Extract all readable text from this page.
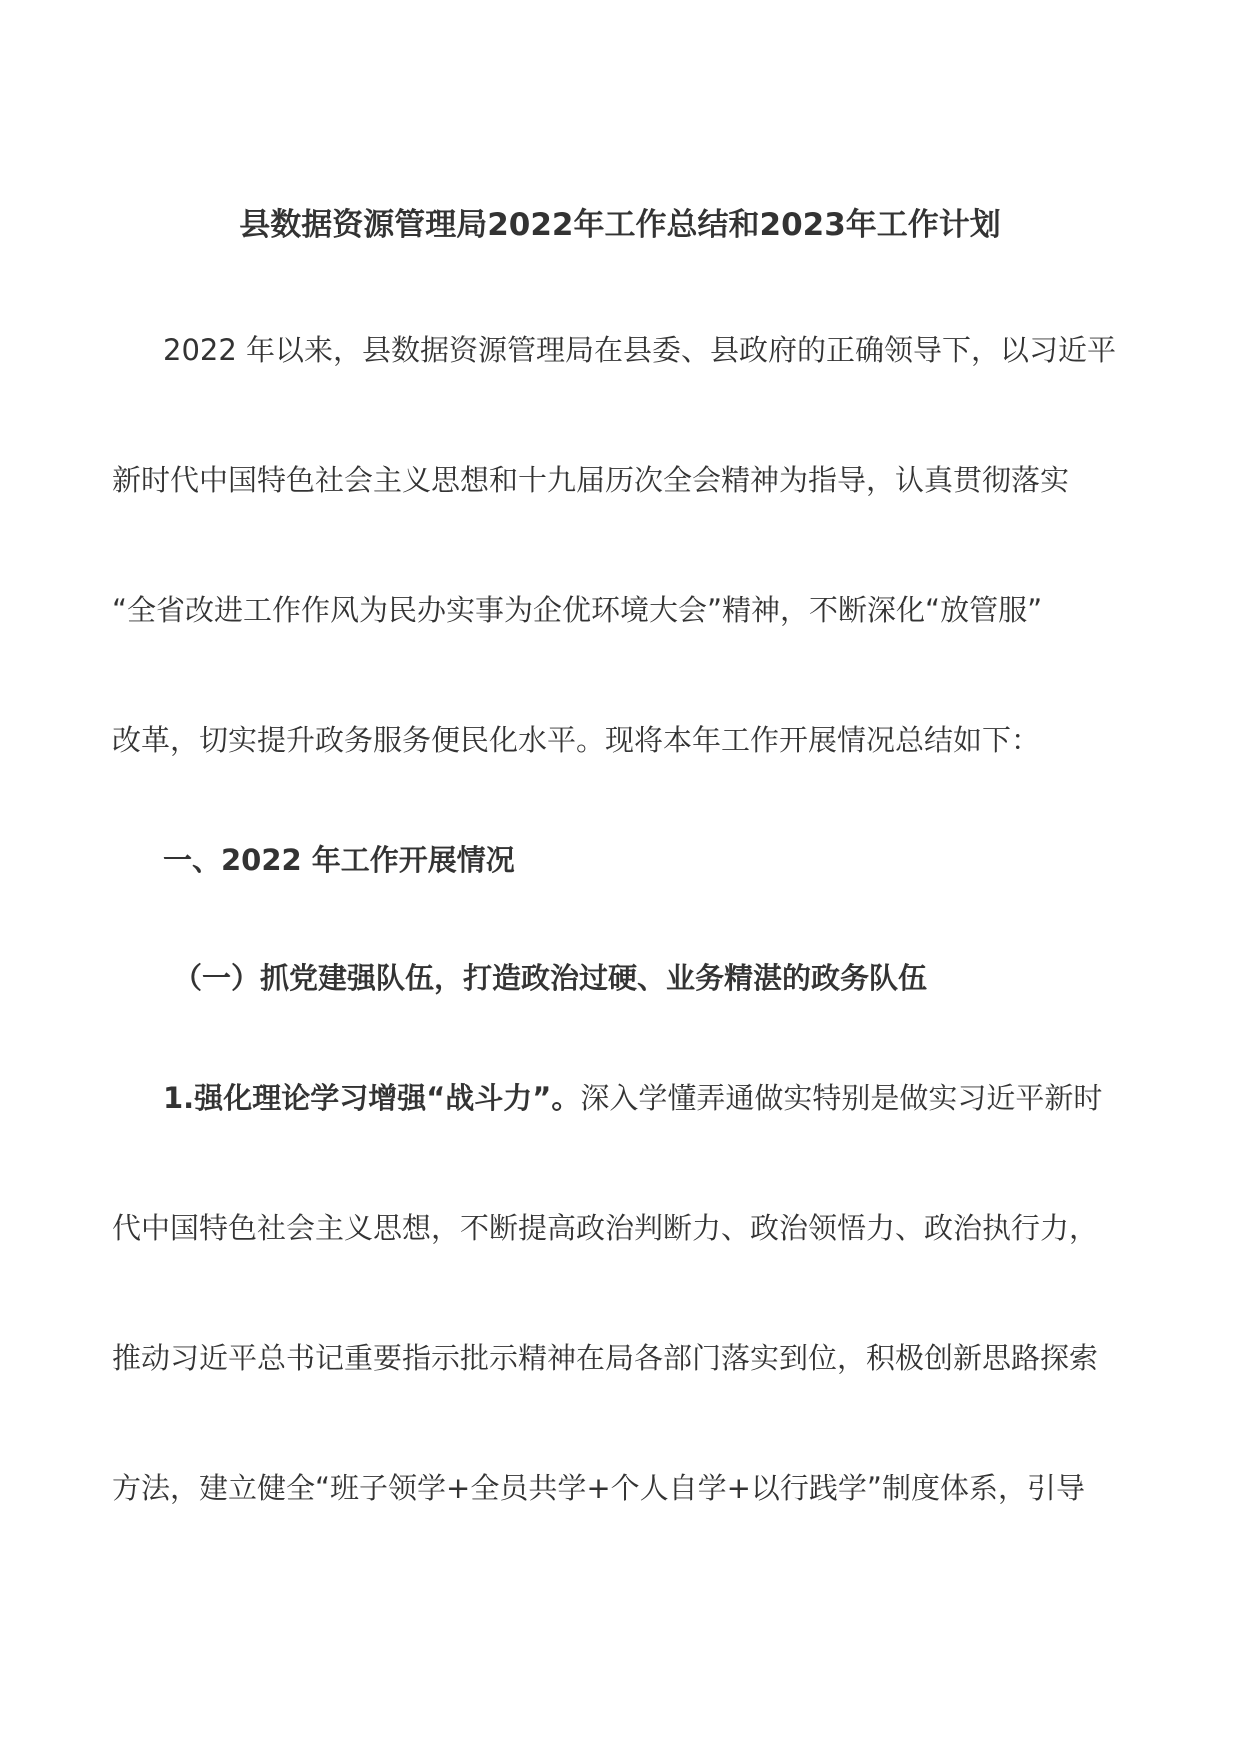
县数据资源管理局2022年工作总结和2023年工作计划
2022 年以来，县数据资源管理局在县委、县政府的正确领导下，以习近平
新时代中国特色社会主义思想和十九届历次全会精神为指导，认真贯彻落实
“全省改进工作作风为民办实事为企优环境大会”精神，不断深化“放管服”
改革，切实提升政务服务便民化水平。现将本年工作开展情况总结如下：
一、2022 年工作开展情况
（一）抓党建强队伍，打造政治过硬、业务精湛的政务队伍
1.强化理论学习增强“战斗力”。深入学懂弄通做实特别是做实习近平新时
代中国特色社会主义思想，不断提高政治判断力、政治领悟力、政治执行力，
推动习近平总书记重要指示批示精神在局各部门落实到位，积极创新思路探索
方法，建立健全“班子领学+全员共学+个人自学+以行践学”制度体系，引导
